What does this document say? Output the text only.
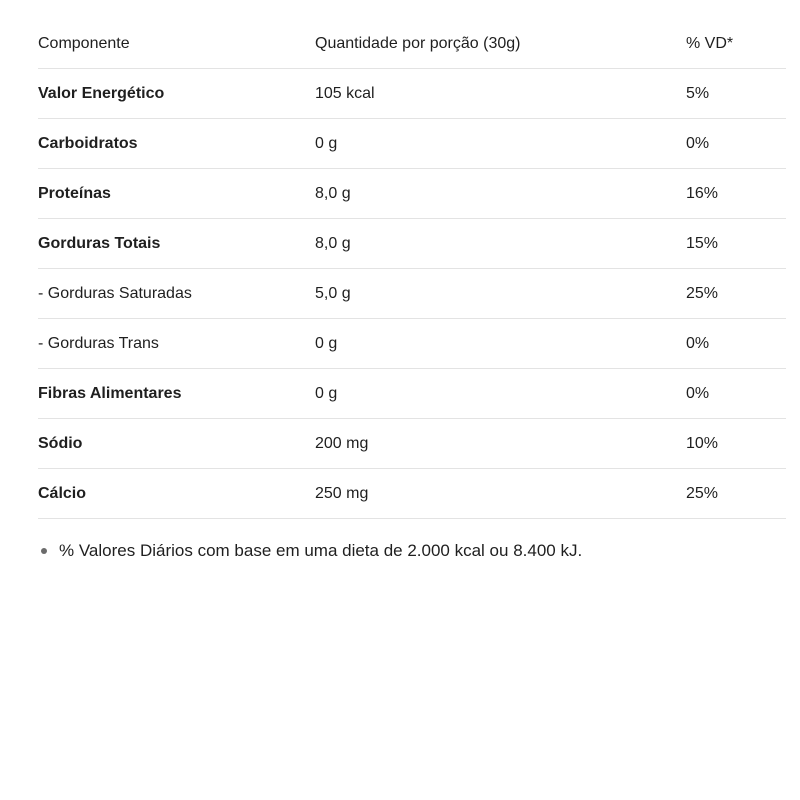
Componente	Quantidade por porção (30g)	% VD*
Valor Energético	105 kcal	5%
Carboidratos	0 g	0%
Proteínas	8,0 g	16%
Gorduras Totais	8,0 g	15%
- Gorduras Saturadas	5,0 g	25%
- Gorduras Trans	0 g	0%
Fibras Alimentares	0 g	0%
Sódio	200 mg	10%
Cálcio	250 mg	25%
% Valores Diários com base em uma dieta de 2.000 kcal ou 8.400 kJ.
